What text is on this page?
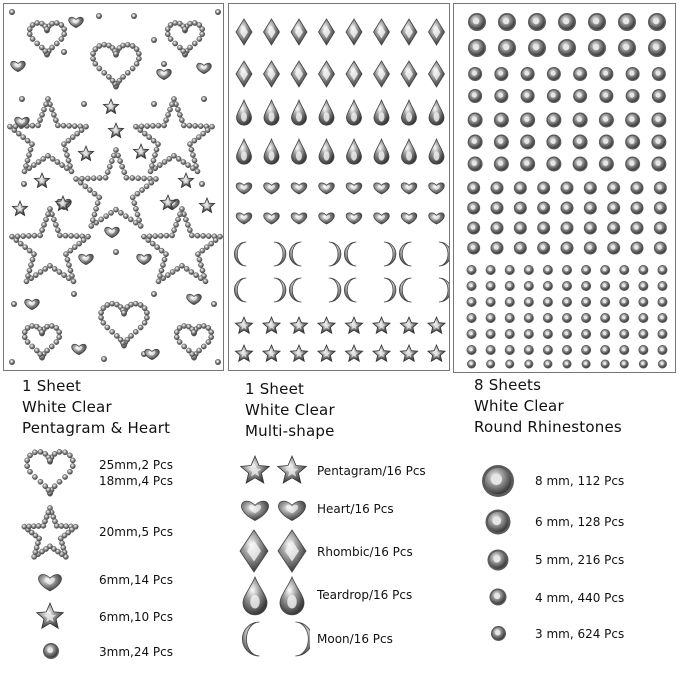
1 Sheet
White Clear
Pentagram & Heart
1 Sheet
White Clear
Multi-shape
8 Sheets
White Clear
Round Rhinestones
25mm,2 Pcs
18mm,4 Pcs
20mm,5 Pcs
6mm,14 Pcs
6mm,10 Pcs
3mm,24 Pcs
Pentagram/16 Pcs
Heart/16 Pcs
Rhombic/16 Pcs
Teardrop/16 Pcs
Moon/16 Pcs
8 mm, 112 Pcs
6 mm, 128 Pcs
5 mm, 216 Pcs
4 mm, 440 Pcs
3 mm, 624 Pcs
